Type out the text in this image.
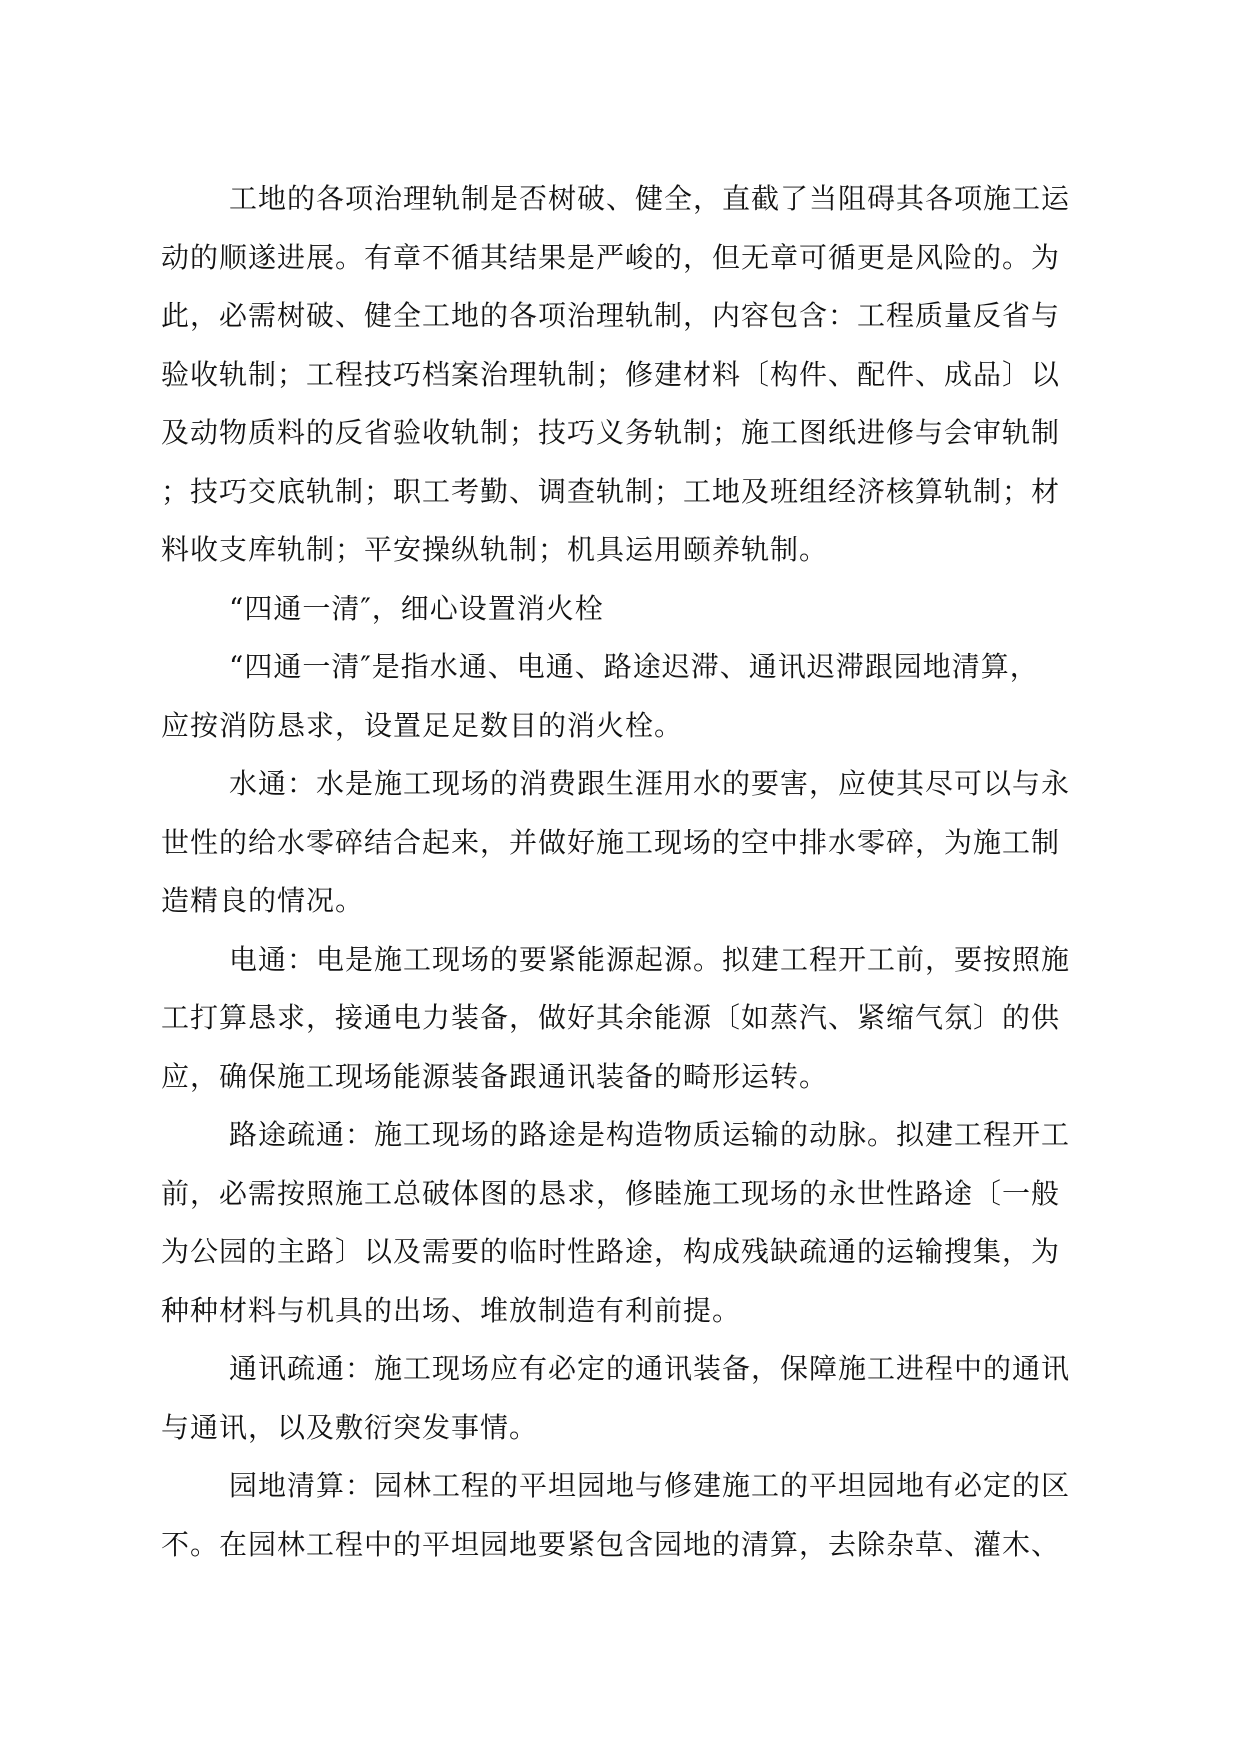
工地的各项治理轨制是否树破、健全，直截了当阻碍其各项施工运
动的顺遂进展。有章不循其结果是严峻的，但无章可循更是风险的。为
此，必需树破、健全工地的各项治理轨制，内容包含：工程质量反省与
验收轨制；工程技巧档案治理轨制；修建材料〔构件、配件、成品〕以
及动物质料的反省验收轨制；技巧义务轨制；施工图纸进修与会审轨制
；技巧交底轨制；职工考勤、调查轨制；工地及班组经济核算轨制；材
料收支库轨制；平安操纵轨制；机具运用颐养轨制。
“四通一清″，细心设置消火栓
“四通一清″是指水通、电通、路途迟滞、通讯迟滞跟园地清算，
应按消防恳求，设置足足数目的消火栓。
水通：水是施工现场的消费跟生涯用水的要害，应使其尽可以与永
世性的给水零碎结合起来，并做好施工现场的空中排水零碎，为施工制
造精良的情况。
电通：电是施工现场的要紧能源起源。拟建工程开工前，要按照施
工打算恳求，接通电力装备，做好其余能源〔如蒸汽、紧缩气氛〕的供
应，确保施工现场能源装备跟通讯装备的畸形运转。
路途疏通：施工现场的路途是构造物质运输的动脉。拟建工程开工
前，必需按照施工总破体图的恳求，修睦施工现场的永世性路途〔一般
为公园的主路〕以及需要的临时性路途，构成残缺疏通的运输搜集，为
种种材料与机具的出场、堆放制造有利前提。
通讯疏通：施工现场应有必定的通讯装备，保障施工进程中的通讯
与通讯，以及敷衍突发事情。
园地清算：园林工程的平坦园地与修建施工的平坦园地有必定的区
不。在园林工程中的平坦园地要紧包含园地的清算，去除杂草、灌木、
